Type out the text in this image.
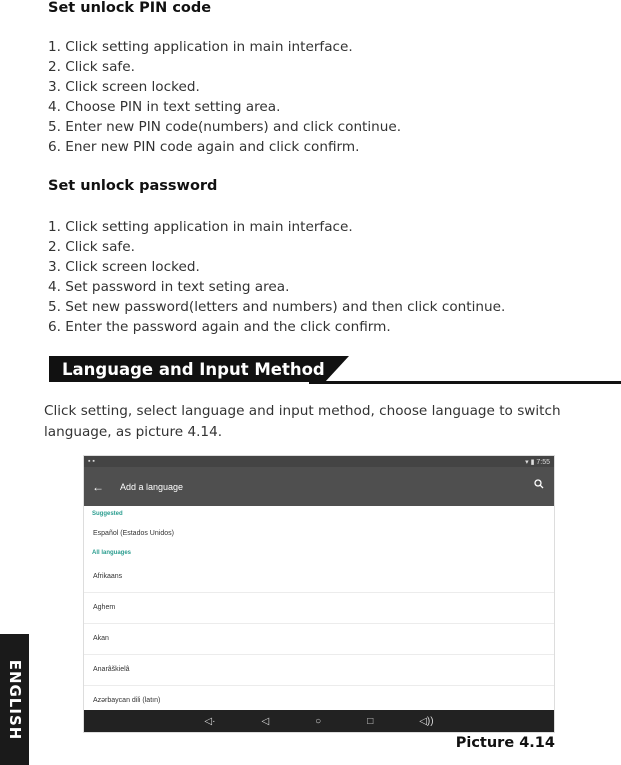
Set unlock PIN code
1. Click setting application in main interface.
2. Click safe.
3. Click screen locked.
4. Choose PIN in text setting area.
5. Enter new PIN code(numbers) and click continue.
6. Ener new PIN code again and click confirm.
Set unlock password
1. Click setting application in main interface.
2. Click safe.
3. Click screen locked.
4. Set password in text seting area.
5. Set new password(letters and numbers) and then click continue.
6. Enter the password again and the click confirm.
Language and Input Method
Click setting, select language and input method, choose language to switch language, as picture 4.14.
▪ ▪	▾ ▮ 7:55
← Add a language
Suggested
Español (Estados Unidos)
All languages
Afrikaans
Aghem
Akan
Anarâškielâ
Azərbaycan dili (latın)
◁·	◁	○	□	◁))
Picture 4.14
ENGLISH
